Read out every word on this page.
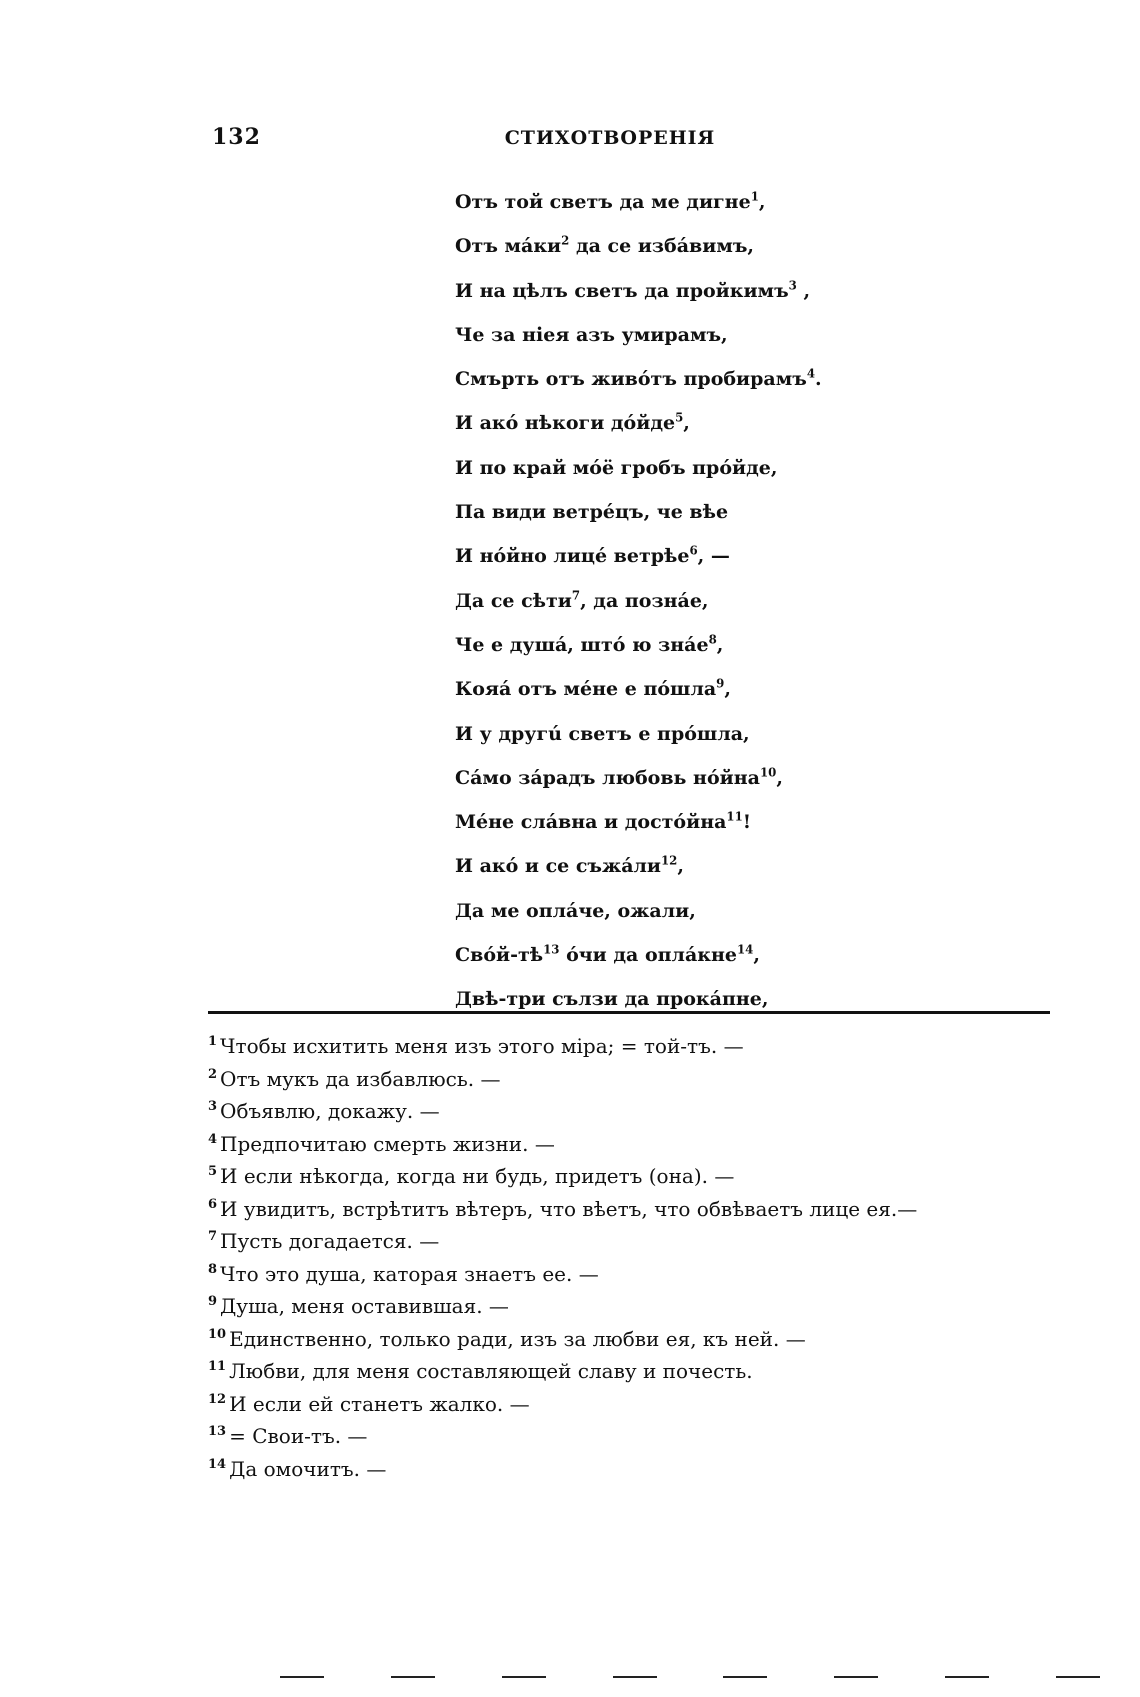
132	СТИХОТВОРЕНІЯ
Отъ той светъ да ме дигне$^1$,
Отъ мáки$^2$ да се избáвимъ,
И на цѣлъ светъ да пройкимъ$^3$ ,
Че за ніея азъ умирамъ,
Смърть отъ живóтъ пробирамъ$^4$.
И акó нѣкоги дóйде$^5$,
И по край мóё гробъ прóйде,
Па види ветрéцъ, че вѣе
И нóйно лицé ветрѣе$^6$, —
Да се сѣти$^7$, да познáе,
Че е душá, штó ю знáе$^8$,
Кояá отъ мéне е пóшла$^9$,
И у другú светъ е прóшла,
Сáмо зáрадъ любовь нóйна$^{10}$,
Мéне слáвна и достóйна$^{11}$!
И акó и се съжáли$^{12}$,
Да ме оплáче, ожали,
Свóй-$тѣ^{13}$ óчи да оплáкне$^{14}$,
Двѣ-три сълзи да прокáпне,
$^1$ Чтобы исхитить меня изъ этого міра; = той-тъ. —
$^2$ Отъ мукъ да избавлюсь. —
$^3$ Объявлю, докажу. —
$^4$ Предпочитаю смерть жизни. —
$^5$ И если нѣкогда, когда ни будь, придетъ (она). —
$^6$ И увидитъ, встрѣтитъ вѣтеръ, что вѣетъ, что обвѣваетъ лице ея.—
$^7$ Пусть догадается. —
$^8$ Что это душа, каторая знаетъ ее. —
$^9$ Душа, меня оставившая. —
$^{10}$ Единственно, только ради, изъ за любви ея, къ ней. —
$^{11}$ Любви, для меня составляющей славу и почесть.
$^{12}$ И если ей станетъ жалко. —
$^{13}$ = Свои-тъ. —
$^{14}$ Да омочитъ. —
